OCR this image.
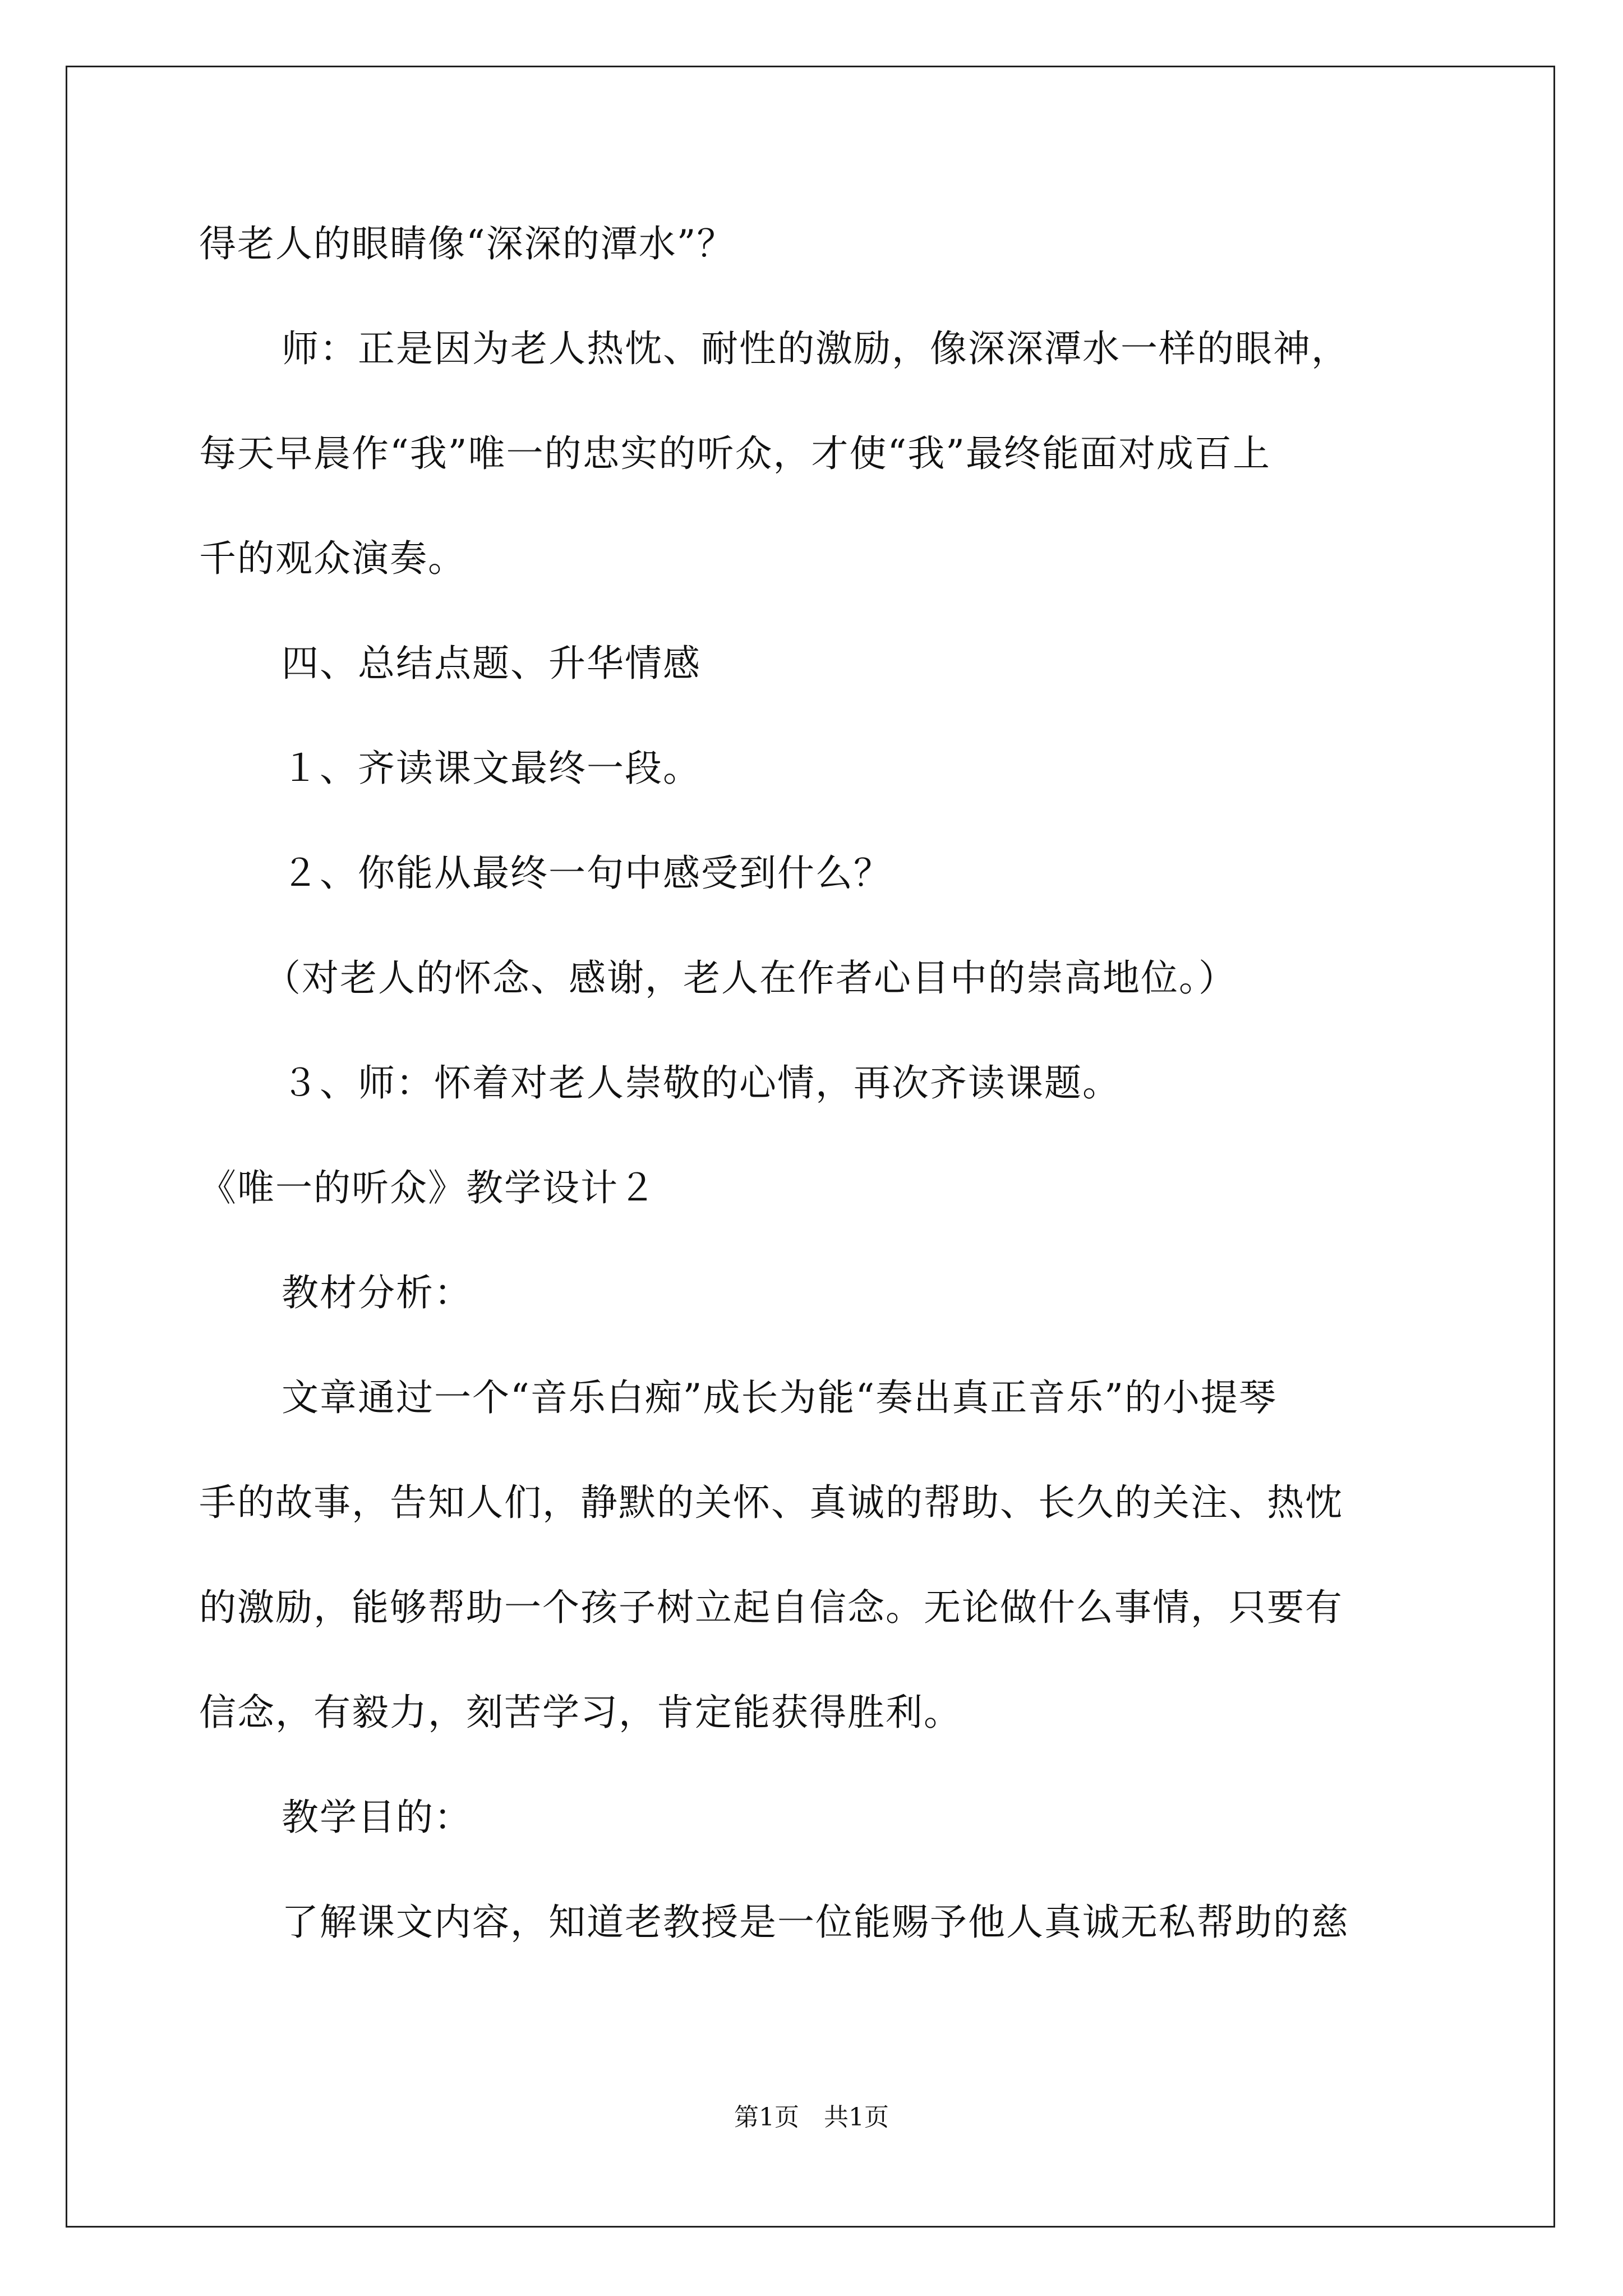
得老人的眼睛像“深深的潭水”？
师：正是因为老人热忱、耐性的激励，像深深潭水一样的眼神，
每天早晨作“我”唯一的忠实的听众，才使“我”最终能面对成百上
千的观众演奏。
四、总结点题、升华情感
１、齐读课文最终一段。
２、你能从最终一句中感受到什么？
（对老人的怀念、感谢，老人在作者心目中的崇高地位。）
３、师：怀着对老人崇敬的心情，再次齐读课题。
《唯一的听众》教学设计２
教材分析：
文章通过一个“音乐白痴”成长为能“奏出真正音乐”的小提琴
手的故事，告知人们，静默的关怀、真诚的帮助、长久的关注、热忱
的激励，能够帮助一个孩子树立起自信念。无论做什么事情，只要有
信念，有毅力，刻苦学习，肯定能获得胜利。
教学目的：
了解课文内容，知道老教授是一位能赐予他人真诚无私帮助的慈
第1页　共1页
